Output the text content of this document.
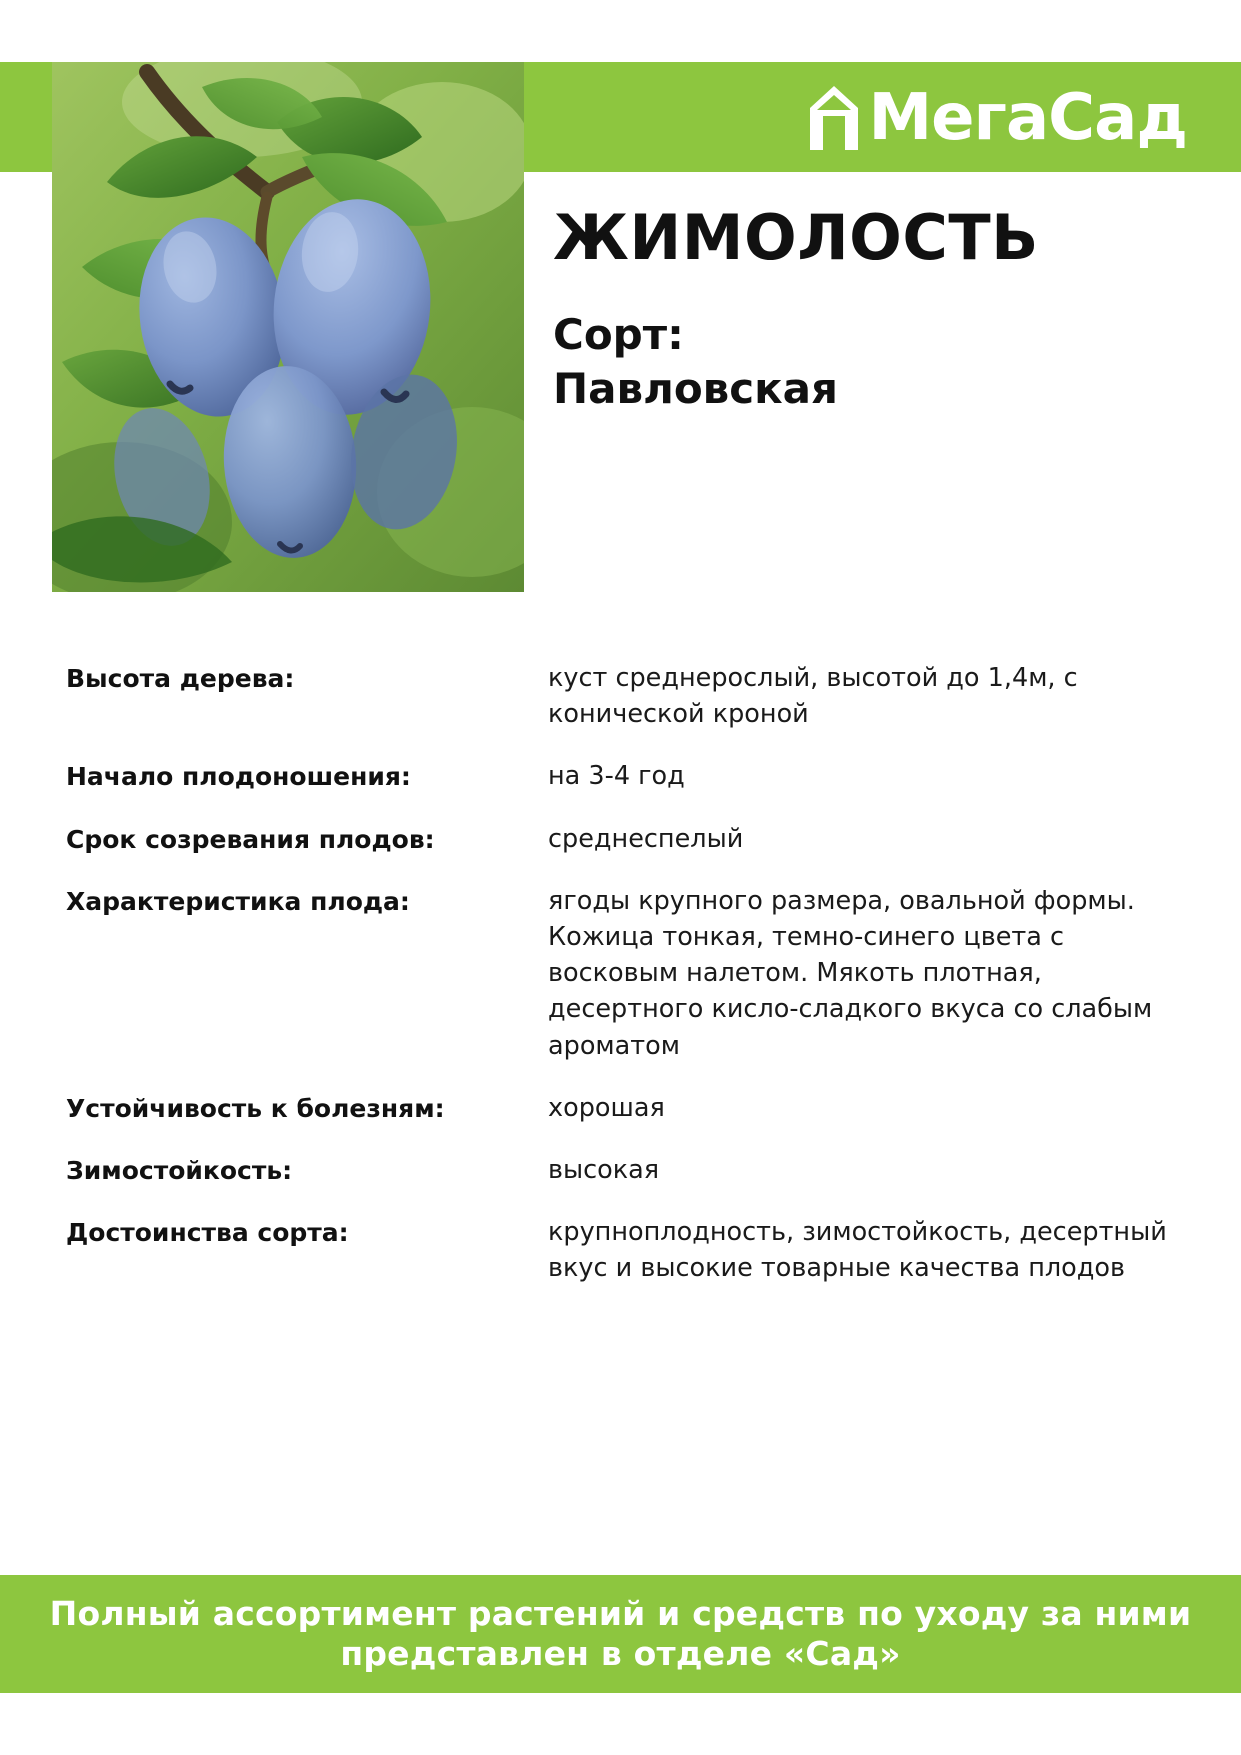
МегаСад
ЖИМОЛОСТЬ
Сорт:
Павловская
Высота дерева:	куст среднерослый, высотой до 1,4м, с конической кроной
Начало плодоношения:	на 3-4 год
Срок созревания плодов:	среднеспелый
Характеристика плода:	ягоды крупного размера, овальной формы. Кожица тонкая, темно-синего цвета с восковым налетом. Мякоть плотная, десертного кисло-сладкого вкуса со слабым ароматом
Устойчивость к болезням:	хорошая
Зимостойкость:	высокая
Достоинства сорта:	крупноплодность, зимостойкость, десертный вкус и высокие товарные качества плодов
Полный ассортимент растений и средств по уходу за ними представлен в отделе «Сад»
